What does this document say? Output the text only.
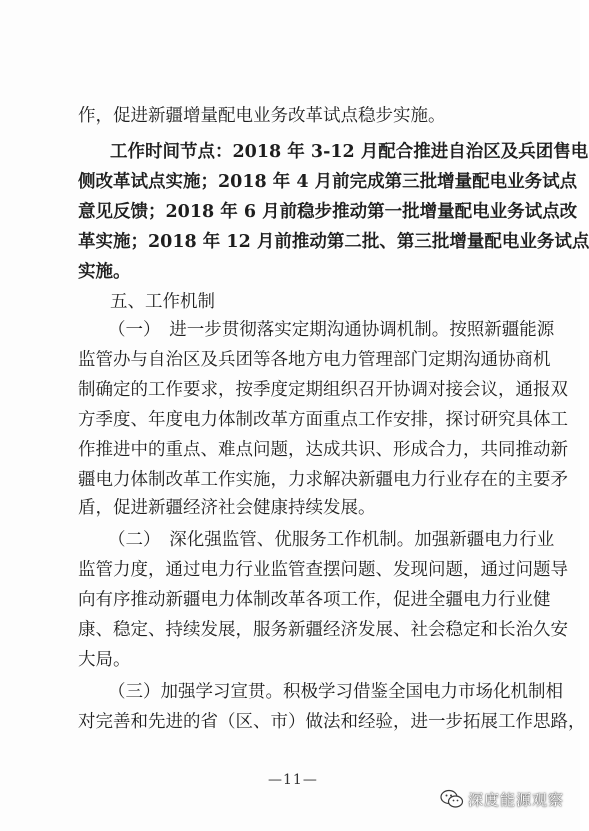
作，促进新疆增量配电业务改革试点稳步实施。
工作时间节点：2018 年 3-12 月配合推进自治区及兵团售电
侧改革试点实施；2018 年 4 月前完成第三批增量配电业务试点
意见反馈；2018 年 6 月前稳步推动第一批增量配电业务试点改
革实施；2018 年 12 月前推动第二批、第三批增量配电业务试点
实施。
五、工作机制
（一）　进一步贯彻落实定期沟通协调机制。按照新疆能源
监管办与自治区及兵团等各地方电力管理部门定期沟通协商机
制确定的工作要求，按季度定期组织召开协调对接会议，通报双
方季度、年度电力体制改革方面重点工作安排，探讨研究具体工
作推进中的重点、难点问题，达成共识、形成合力，共同推动新
疆电力体制改革工作实施，力求解决新疆电力行业存在的主要矛
盾，促进新疆经济社会健康持续发展。
（二）　深化强监管、优服务工作机制。加强新疆电力行业
监管力度，通过电力行业监管查摆问题、发现问题，通过问题导
向有序推动新疆电力体制改革各项工作，促进全疆电力行业健
康、稳定、持续发展，服务新疆经济发展、社会稳定和长治久安
大局。
（三）加强学习宣贯。积极学习借鉴全国电力市场化机制相
对完善和先进的省（区、市）做法和经验，进一步拓展工作思路，
—11—
深度能源观察
